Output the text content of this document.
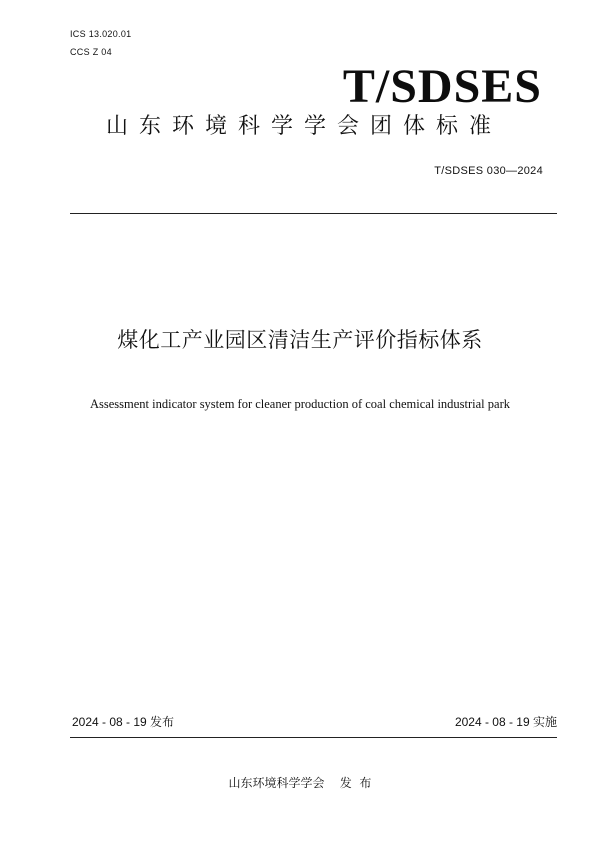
ICS 13.020.01
CCS Z 04
T/SDSES
山东环境科学学会团体标准
T/SDSES 030—2024
煤化工产业园区清洁生产评价指标体系
Assessment indicator system for cleaner production of coal chemical industrial park
2024 - 08 - 19 发布	2024 - 08 - 19 实施
山东环境科学学会    发  布
